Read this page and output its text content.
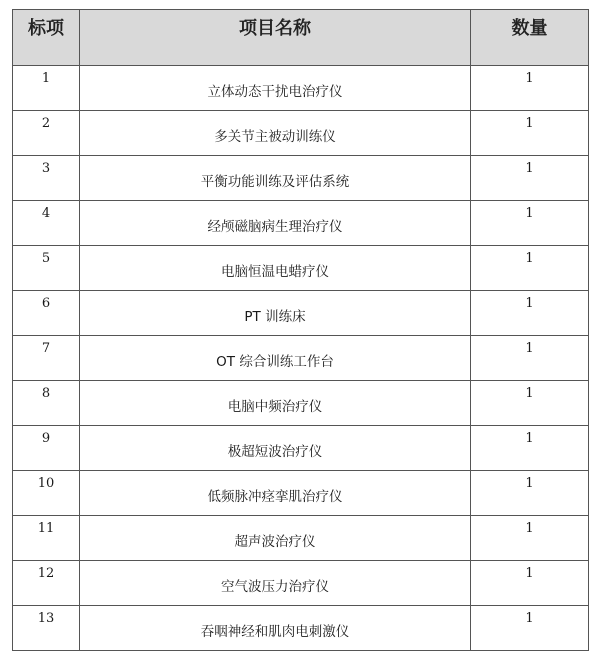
标项	项目名称	数量
1	立体动态干扰电治疗仪	1
2	多关节主被动训练仪	1
3	平衡功能训练及评估系统	1
4	经颅磁脑病生理治疗仪	1
5	电脑恒温电蜡疗仪	1
6	PT 训练床	1
7	OT 综合训练工作台	1
8	电脑中频治疗仪	1
9	极超短波治疗仪	1
10	低频脉冲痉挛肌治疗仪	1
11	超声波治疗仪	1
12	空气波压力治疗仪	1
13	吞咽神经和肌肉电刺激仪	1
